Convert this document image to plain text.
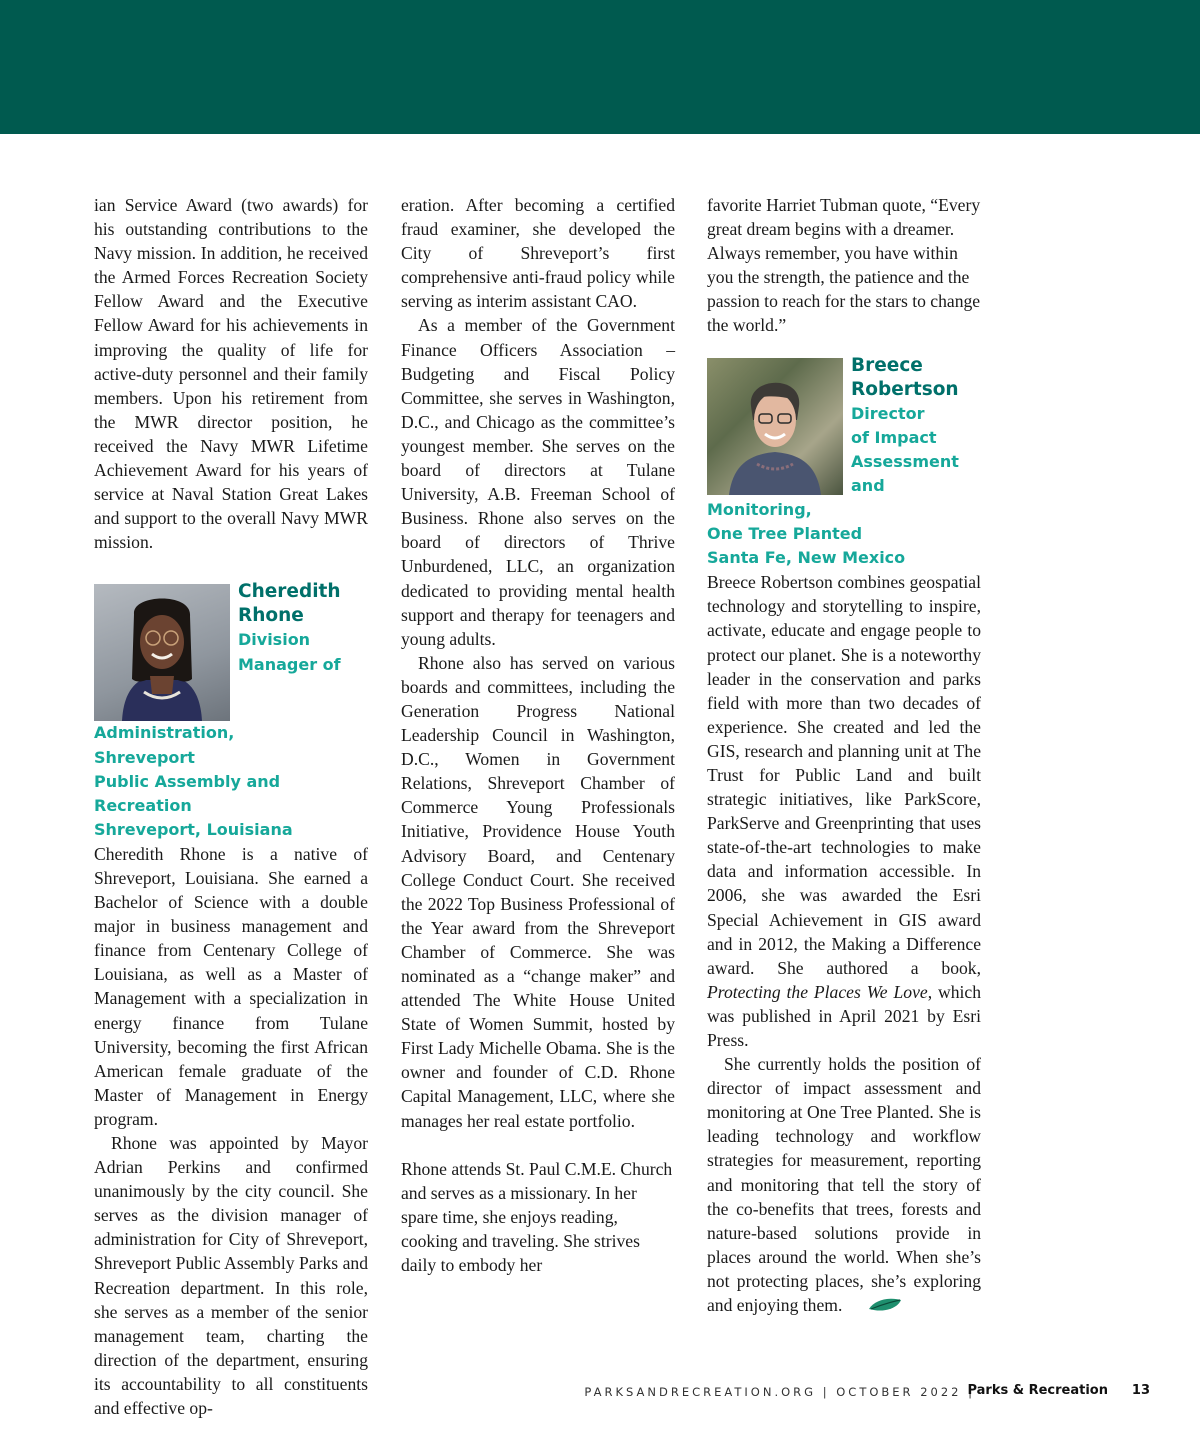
ian Service Award (two awards) for his outstanding contributions to the Navy mission. In addition, he received the Armed Forces Recreation Society Fellow Award and the Executive Fellow Award for his achievements in improving the quality of life for active-duty personnel and their family members. Upon his retirement from the MWR director position, he received the Navy MWR Lifetime Achievement Award for his years of service at Naval Station Great Lakes and support to the overall Navy MWR mission.

Cheredith
Rhone
Division
Manager of
Administration,
Shreveport
Public Assembly and Recreation
Shreveport, Louisiana

Cheredith Rhone is a native of Shreveport, Louisiana. She earned a Bachelor of Science with a double major in business management and finance from Centenary College of Louisiana, as well as a Master of Management with a specialization in energy finance from Tulane University, becoming the first African American female graduate of the Master of Management in Energy program.

Rhone was appointed by Mayor Adrian Perkins and confirmed unanimously by the city council. She serves as the division manager of administration for City of Shreveport, Shreveport Public Assembly Parks and Recreation department. In this role, she serves as a member of the senior management team, charting the direction of the department, ensuring its accountability to all constituents and effective op-

eration. After becoming a certified fraud examiner, she developed the City of Shreveport’s first comprehensive anti-fraud policy while serving as interim assistant CAO.

As a member of the Government Finance Officers Association – Budgeting and Fiscal Policy Committee, she serves in Washington, D.C., and Chicago as the committee’s youngest member. She serves on the board of directors at Tulane University, A.B. Freeman School of Business. Rhone also serves on the board of directors of Thrive Unburdened, LLC, an organization dedicated to providing mental health support and therapy for teenagers and young adults.

Rhone also has served on various boards and committees, including the Generation Progress National Leadership Council in Washington, D.C., Women in Government Relations, Shreveport Chamber of Commerce Young Professionals Initiative, Providence House Youth Advisory Board, and Centenary College Conduct Court. She received the 2022 Top Business Professional of the Year award from the Shreveport Chamber of Commerce. She was nominated as a “change maker” and attended The White House United State of Women Summit, hosted by First Lady Michelle Obama. She is the owner and founder of C.D. Rhone Capital Management, LLC, where she manages her real estate portfolio.

Rhone attends St. Paul C.M.E. Church and serves as a missionary. In her spare time, she enjoys reading, cooking and traveling. She strives daily to embody her

favorite Harriet Tubman quote, “Every great dream begins with a dreamer. Always remember, you have within you the strength, the patience and the passion to reach for the stars to change the world.”

Breece
Robertson
Director
of Impact
Assessment
and Monitoring,
One Tree Planted
Santa Fe, New Mexico

Breece Robertson combines geospatial technology and storytelling to inspire, activate, educate and engage people to protect our planet. She is a noteworthy leader in the conservation and parks field with more than two decades of experience. She created and led the GIS, research and planning unit at The Trust for Public Land and built strategic initiatives, like ParkScore, ParkServe and Greenprinting that uses state-of-the-art technologies to make data and information accessible. In 2006, she was awarded the Esri Special Achievement in GIS award and in 2012, the Making a Difference award. She authored a book, Protecting the Places We Love, which was published in April 2021 by Esri Press.

She currently holds the position of director of impact assessment and monitoring at One Tree Planted. She is leading technology and workflow strategies for measurement, reporting and monitoring that tell the story of the co-benefits that trees, forests and nature-based solutions provide in places around the world. When she’s not protecting places, she’s exploring and enjoying them.

PARKSANDRECREATION.ORG | OCTOBER 2022 |
Parks & Recreation 13
